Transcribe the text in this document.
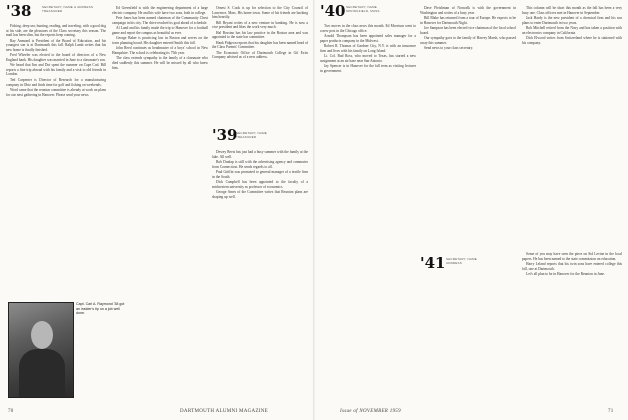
'38	SECRETARY, NAME & ADDRESS
TREASURER

Fishing, deep sea, hunting, reading, and traveling, with a good dog at his side, are the pleasures of the Class secretary this season. The mail has been slim, but the reports keep coming.

Ray Anmond is President of the Board of Education, and his youngest son is at Dartmouth this fall. Ralph Lamb writes that his new home is finally finished.

Fred Wheeler was elected to the board of directors of a New England bank. His daughter was married in June to a classmate's son.

We heard that Jim and Dot spent the summer on Cape Cod. Bill reports a fine trip abroad with his family and a visit to old friends in London.

Ted Carpenter is Director of Research for a manufacturing company in Ohio and finds time for golf and fishing on weekends.

Word came that the reunion committee is already at work on plans for our next gathering in Hanover. Please send your news.

Capt. Carl A. Raymond '38 got an insider's tip on a job well done.

Ed Greenfield is with the engineering department of a large electric company. He and his wife have two sons, both in college.

Pete Jones has been named chairman of the Community Chest campaign in his city. The drive reached its goal ahead of schedule.

Al Lund and his family made the trip to Hanover for a football game and report the campus as beautiful as ever.

George Baker is practicing law in Boston and serves on the town planning board. His daughter entered Smith this fall.

John Reed continues as headmaster of a boys' school in New Hampshire. The school is celebrating its 75th year.

The class extends sympathy to the family of a classmate who died suddenly this summer. He will be missed by all who knew him.

'39
SECRETARY, NAME
TREASURER

Ornest S. Cook is up for selection to the City Council of Lawrence, Mass. His home town. Some of his friends are backing him heartily.

Bill Bryant writes of a new venture in banking. He is now a vice president and likes the work very much.

Hal Bossino has his law practice in the Boston area and was appointed to the state bar committee.

Hank Pidgeon reports that his daughter has been named head of the Class Parents' Committee.

The Economic Office of Dartmouth College in Gif Exits Company advised us of a new address.

Dewey Beets has just had a busy summer with the family at the lake. All well.

Bob Dunlap is still with the advertising agency and commutes from Connecticut. He sends regards to all.

Paul Griffin was promoted to general manager of a textile firm in the South.

Dick Campbell has been appointed to the faculty of a midwestern university as professor of economics.

George Ames of the Committee writes that Reunion plans are shaping up well.

'40 SECRETARY, NAME
SPRINGFIELD, MASS.

Two moves in the class news this month. Ed Morrison went to a new post in the Chicago office.

Arnold Thompson has been appointed sales manager for a paper products company in the Midwest.

Robert R. Thomas of Gardner City, N.Y. is with an insurance firm and lives with his family on Long Island.

Lt. Col. Bud Ross, who moved to Texas, has started a new assignment at an air base near San Antonio.

Jay Spencer is in Hanover for the fall term as visiting lecturer in government.

Dave Fleishman of Norwalk is with the government in Washington and writes of a busy year.

Bill Blake has returned from a tour of Europe. He expects to be in Hanover for Dartmouth Night.

Joe Sampson has been elected vice chairman of the local school board.

Our sympathy goes to the family of Harvey Marsh, who passed away this summer.

Send news to your class secretary.

This column will be short this month as the fall has been a very busy one. Class officers met in Hanover in September.

Jack Hardy is the new president of a chemical firm and his son plans to enter Dartmouth in two years.

Bob Mitchell retired from the Navy and has taken a position with an electronics company in California.

Dick Elwood writes from Switzerland where he is stationed with his company.

'41 SECRETARY, NAME
ADDRESS

Some of you may have seen the piece on Sid Levine in the local papers. He has been named to the state commission on education.

Harry Leland reports that his twin sons have entered college this fall, one at Dartmouth.

Let's all plan to be in Hanover for the Reunion in June.

70	DARTMOUTH ALUMNI MAGAZINE	Issue of NOVEMBER 1959	71
